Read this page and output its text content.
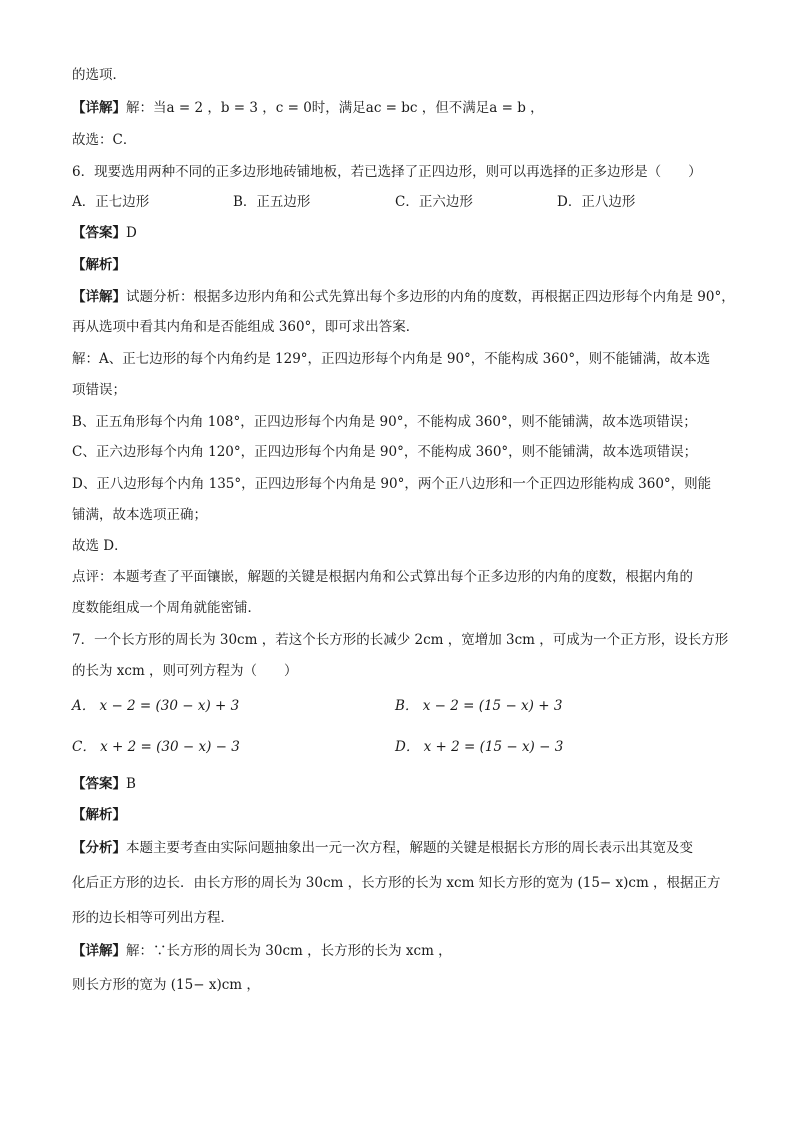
的选项．
【详解】解：当a = 2 ，b = 3 ，c = 0时，满足ac = bc ，但不满足a = b ，
故选：C．
6．现要选用两种不同的正多边形地砖铺地板，若已选择了正四边形，则可以再选择的正多边形是（　　）
A．正七边形	B．正五边形	C．正六边形	D．正八边形
【答案】D
【解析】
【详解】试题分析：根据多边形内角和公式先算出每个多边形的内角的度数，再根据正四边形每个内角是 90°，
再从选项中看其内角和是否能组成 360°，即可求出答案．
解：A、正七边形的每个内角约是 129°，正四边形每个内角是 90°，不能构成 360°，则不能铺满，故本选
项错误；
B、正五角形每个内角 108°，正四边形每个内角是 90°，不能构成 360°，则不能铺满，故本选项错误；
C、正六边形每个内角 120°，正四边形每个内角是 90°，不能构成 360°，则不能铺满，故本选项错误；
D、正八边形每个内角 135°，正四边形每个内角是 90°，两个正八边形和一个正四边形能构成 360°，则能
铺满，故本选项正确；
故选 D．
点评：本题考查了平面镶嵌，解题的关键是根据内角和公式算出每个正多边形的内角的度数，根据内角的
度数能组成一个周角就能密铺．
7．一个长方形的周长为 30cm ，若这个长方形的长减少 2cm ，宽增加 3cm ，可成为一个正方形，设长方形
的长为 xcm ，则可列方程为（　　）
A． x − 2 = (30 − x) + 3	B． x − 2 = (15 − x) + 3
C． x + 2 = (30 − x) − 3	D． x + 2 = (15 − x) − 3
【答案】B
【解析】
【分析】本题主要考查由实际问题抽象出一元一次方程，解题的关键是根据长方形的周长表示出其宽及变
化后正方形的边长．由长方形的周长为 30cm ，长方形的长为 xcm 知长方形的宽为 (15− x)cm ，根据正方
形的边长相等可列出方程．
【详解】解：∵长方形的周长为 30cm ，长方形的长为 xcm ，
则长方形的宽为 (15− x)cm ，
